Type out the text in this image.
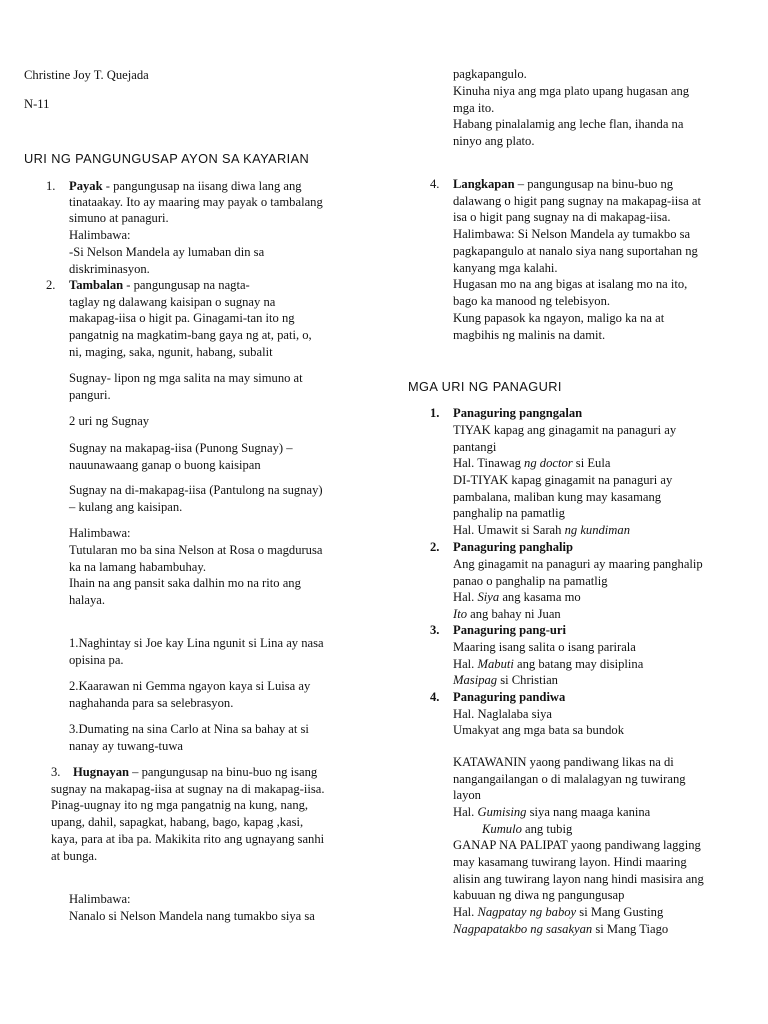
Christine Joy T. Quejada
N-11
URI NG PANGUNGUSAP AYON SA KAYARIAN
1. Payak - pangungusap na iisang diwa lang ang
tinataakay. Ito ay maaring may payak o tambalang
simuno at panaguri.
Halimbawa:
-Si Nelson Mandela ay lumaban din sa
diskriminasyon.
2. Tambalan - pangungusap na nagta-
taglay ng dalawang kaisipan o sugnay na
makapag-iisa o higit pa. Ginagami-tan ito ng
pangatnig na magkatim-bang gaya ng at, pati, o,
ni, maging, saka, ngunit, habang, subalit
Sugnay- lipon ng mga salita na may simuno at
panguri.
2 uri ng Sugnay
Sugnay na makapag-iisa (Punong Sugnay) –
nauunawaang ganap o buong kaisipan
Sugnay na di-makapag-iisa (Pantulong na sugnay)
– kulang ang kaisipan.
Halimbawa:
Tutularan mo ba sina Nelson at Rosa o magdurusa
ka na lamang habambuhay.
Ihain na ang pansit saka dalhin mo na rito ang
halaya.
1.Naghintay si Joe kay Lina ngunit si Lina ay nasa
opisina pa.
2.Kaarawan ni Gemma ngayon kaya si Luisa ay
naghahanda para sa selebrasyon.
3.Dumating na sina Carlo at Nina sa bahay at si
nanay ay tuwang-tuwa
3. Hugnayan – pangungusap na binu-buo ng isang
sugnay na makapag-iisa at sugnay na di makapag-iisa.
Pinag-uugnay ito ng mga pangatnig na kung, nang,
upang, dahil, sapagkat, habang, bago, kapag ,kasi,
kaya, para at iba pa. Makikita rito ang ugnayang sanhi
at bunga.
Halimbawa:
Nanalo si Nelson Mandela nang tumakbo siya sa
pagkapangulo.
Kinuha niya ang mga plato upang hugasan ang
mga ito.
Habang pinalalamig ang leche flan, ihanda na
ninyo ang plato.
4. Langkapan – pangungusap na binu-buo ng
dalawang o higit pang sugnay na makapag-iisa at
isa o higit pang sugnay na di makapag-iisa.
Halimbawa: Si Nelson Mandela ay tumakbo sa
pagkapangulo at nanalo siya nang suportahan ng
kanyang mga kalahi.
Hugasan mo na ang bigas at isalang mo na ito,
bago ka manood ng telebisyon.
Kung papasok ka ngayon, maligo ka na at
magbihis ng malinis na damit.
MGA URI NG PANAGURI
1. Panaguring pangngalan
TIYAK kapag ang ginagamit na panaguri ay
pantangi
Hal. Tinawag ng doctor si Eula
DI-TIYAK kapag ginagamit na panaguri ay
pambalana, maliban kung may kasamang
panghalip na pamatlig
Hal. Umawit si Sarah ng kundiman
2. Panaguring panghalip
Ang ginagamit na panaguri ay maaring panghalip
panao o panghalip na pamatlig
Hal. Siya ang kasama mo
Ito ang bahay ni Juan
3. Panaguring pang-uri
Maaring isang salita o isang parirala
Hal. Mabuti ang batang may disiplina
Masipag si Christian
4. Panaguring pandiwa
Hal. Naglalaba siya
Umakyat ang mga bata sa bundok
KATAWANIN yaong pandiwang likas na di
nangangailangan o di malalagyan ng tuwirang
layon
Hal. Gumising siya nang maaga kanina
Kumulo ang tubig
GANAP NA PALIPAT yaong pandiwang lagging
may kasamang tuwirang layon. Hindi maaring
alisin ang tuwirang layon nang hindi masisira ang
kabuuan ng diwa ng pangungusap
Hal. Nagpatay ng baboy si Mang Gusting
Nagpapatakbo ng sasakyan si Mang Tiago
